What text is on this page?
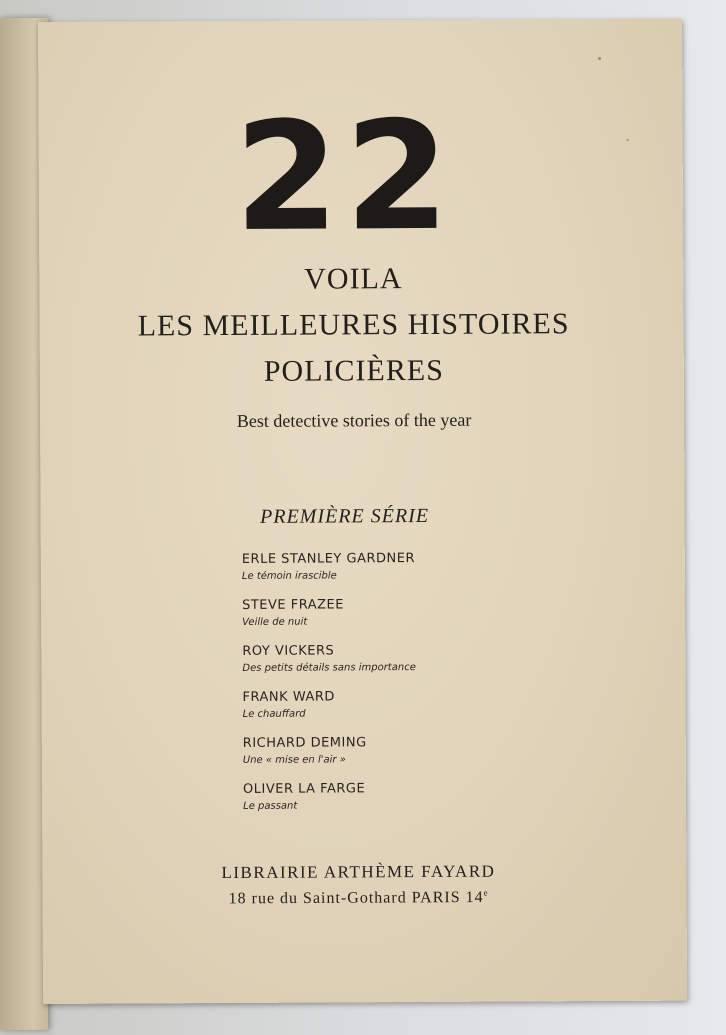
22
VOILA
LES MEILLEURES HISTOIRES
POLICIÈRES
Best detective stories of the year
PREMIÈRE SÉRIE
ERLE STANLEY GARDNER
Le témoin irascible
STEVE FRAZEE
Veille de nuit
ROY VICKERS
Des petits détails sans importance
FRANK WARD
Le chauffard
RICHARD DEMING
Une « mise en l'air »
OLIVER LA FARGE
Le passant
LIBRAIRIE ARTHÈME FAYARD
18 rue du Saint-Gothard PARIS 14e
